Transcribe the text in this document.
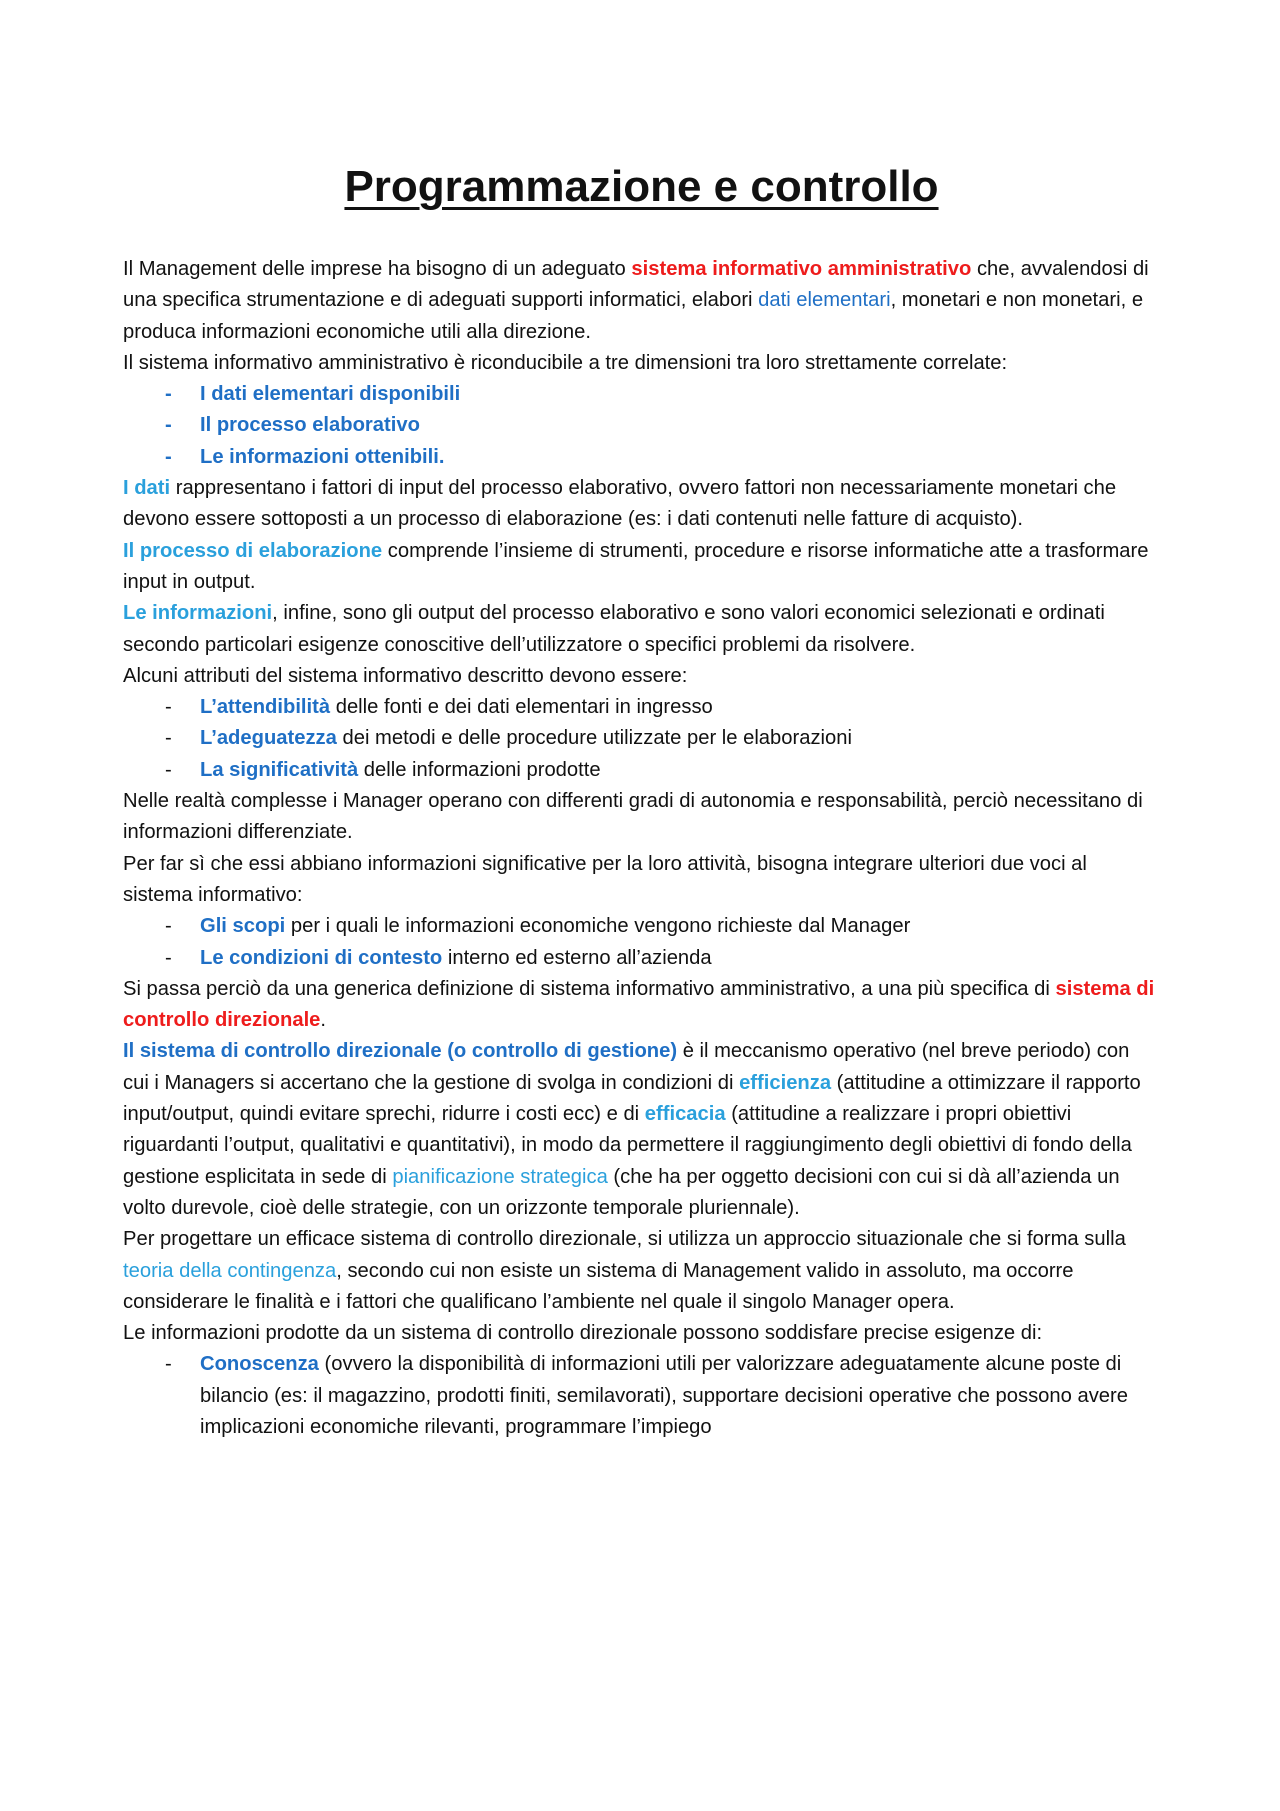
Programmazione e controllo

Il Management delle imprese ha bisogno di un adeguato sistema informativo amministrativo che, avvalendosi di una specifica strumentazione e di adeguati supporti informatici, elabori dati elementari, monetari e non monetari, e produca informazioni economiche utili alla direzione.

Il sistema informativo amministrativo è riconducibile a tre dimensioni tra loro strettamente correlate:

- I dati elementari disponibili
- Il processo elaborativo
- Le informazioni ottenibili.

I dati rappresentano i fattori di input del processo elaborativo, ovvero fattori non necessariamente monetari che devono essere sottoposti a un processo di elaborazione (es: i dati contenuti nelle fatture di acquisto).

Il processo di elaborazione comprende l’insieme di strumenti, procedure e risorse informatiche atte a trasformare input in output.

Le informazioni, infine, sono gli output del processo elaborativo e sono valori economici selezionati e ordinati secondo particolari esigenze conoscitive dell’utilizzatore o specifici problemi da risolvere.

Alcuni attributi del sistema informativo descritto devono essere:

- L’attendibilità delle fonti e dei dati elementari in ingresso
- L’adeguatezza dei metodi e delle procedure utilizzate per le elaborazioni
- La significatività delle informazioni prodotte

Nelle realtà complesse i Manager operano con differenti gradi di autonomia e responsabilità, perciò necessitano di informazioni differenziate.

Per far sì che essi abbiano informazioni significative per la loro attività, bisogna integrare ulteriori due voci al sistema informativo:

- Gli scopi per i quali le informazioni economiche vengono richieste dal Manager
- Le condizioni di contesto interno ed esterno all’azienda

Si passa perciò da una generica definizione di sistema informativo amministrativo, a una più specifica di sistema di controllo direzionale.

Il sistema di controllo direzionale (o controllo di gestione) è il meccanismo operativo (nel breve periodo) con cui i Managers si accertano che la gestione di svolga in condizioni di efficienza (attitudine a ottimizzare il rapporto input/output, quindi evitare sprechi, ridurre i costi ecc) e di efficacia (attitudine a realizzare i propri obiettivi riguardanti l’output, qualitativi e quantitativi), in modo da permettere il raggiungimento degli obiettivi di fondo della gestione esplicitata in sede di pianificazione strategica (che ha per oggetto decisioni con cui si dà all’azienda un volto durevole, cioè delle strategie, con un orizzonte temporale pluriennale).

Per progettare un efficace sistema di controllo direzionale, si utilizza un approccio situazionale che si forma sulla teoria della contingenza, secondo cui non esiste un sistema di Management valido in assoluto, ma occorre considerare le finalità e i fattori che qualificano l’ambiente nel quale il singolo Manager opera.

Le informazioni prodotte da un sistema di controllo direzionale possono soddisfare precise esigenze di:

- Conoscenza (ovvero la disponibilità di informazioni utili per valorizzare adeguatamente alcune poste di bilancio (es: il magazzino, prodotti finiti, semilavorati), supportare decisioni operative che possono avere implicazioni economiche rilevanti, programmare l’impiego
